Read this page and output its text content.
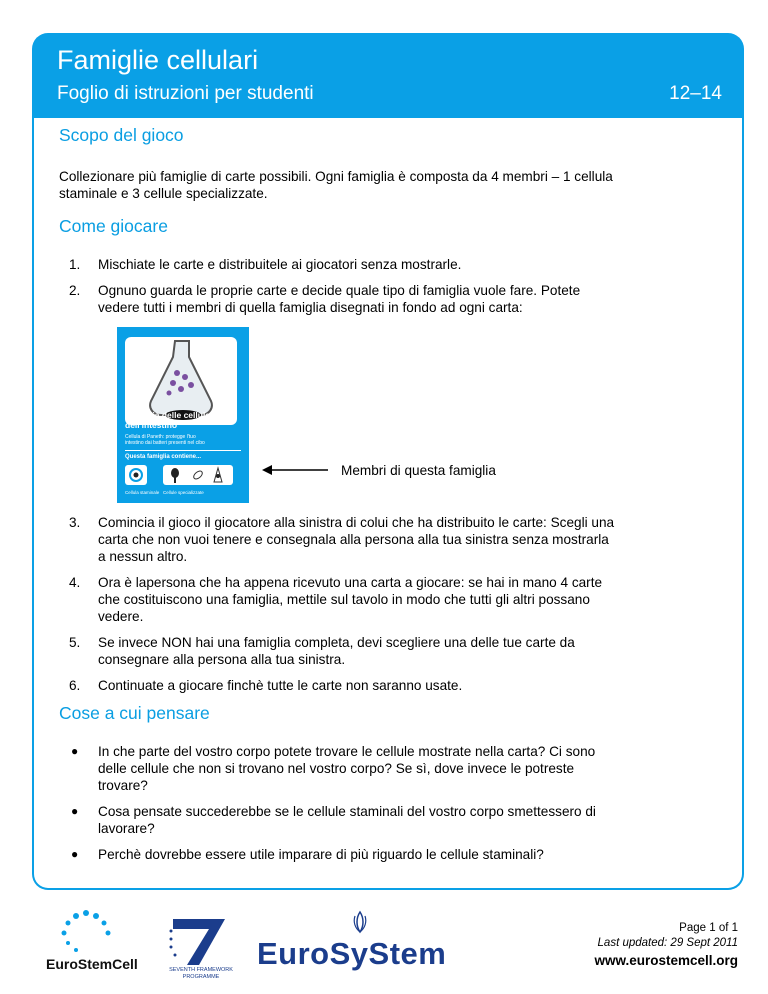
Famiglie cellulari
Foglio di istruzioni per studenti	12–14
Scopo del gioco

Collezionare più famiglie di carte possibili. Ogni famiglia è composta da 4 membri – 1 cellula

staminale e 3 cellule specializzate.

Come giocare
1. Mischiate le carte e distribuitele ai giocatori senza mostrarle.

2. Ognuno guarda le proprie carte e decide quale tipo di famiglia vuole fare. Potete

vedere tutti i membri di quella famiglia disegnati in fondo ad ogni carta:

Famiglia delle cellule
dell'intestino
Cellula di Paneth: protegge l'tuo
intestino dai batteri presenti nel cibo
Questa famiglia contiene...
Cellula staminale Cellule specializzate

Membri di questa famiglia

3. Comincia il gioco il giocatore alla sinistra di colui che ha distribuito le carte: Scegli una

carta che non vuoi tenere e consegnala alla persona alla tua sinistra senza mostrarla

a nessun altro.

4. Ora è lapersona che ha appena ricevuto una carta a giocare: se hai in mano 4 carte

che costituiscono una famiglia, mettile sul tavolo in modo che tutti gli altri possano

vedere.

5. Se invece NON hai una famiglia completa, devi scegliere una delle tue carte da

consegnare alla persona alla tua sinistra.

6. Continuate a giocare finchè tutte le carte non saranno usate.

Cose a cui pensare
● In che parte del vostro corpo potete trovare le cellule mostrate nella carta? Ci sono

delle cellule che non si trovano nel vostro corpo? Se sì, dove invece le potreste

trovare?

● Cosa pensate succederebbe se le cellule staminali del vostro corpo smettessero di

lavorare?

● Perchè dovrebbe essere utile imparare di più riguardo le cellule staminali?

EuroStemCell	SEVENTH FRAMEWORK
PROGRAMME
EuroSyStem
Page 1 of 1
Last updated: 29 Sept 2011
www.eurostemcell.org
